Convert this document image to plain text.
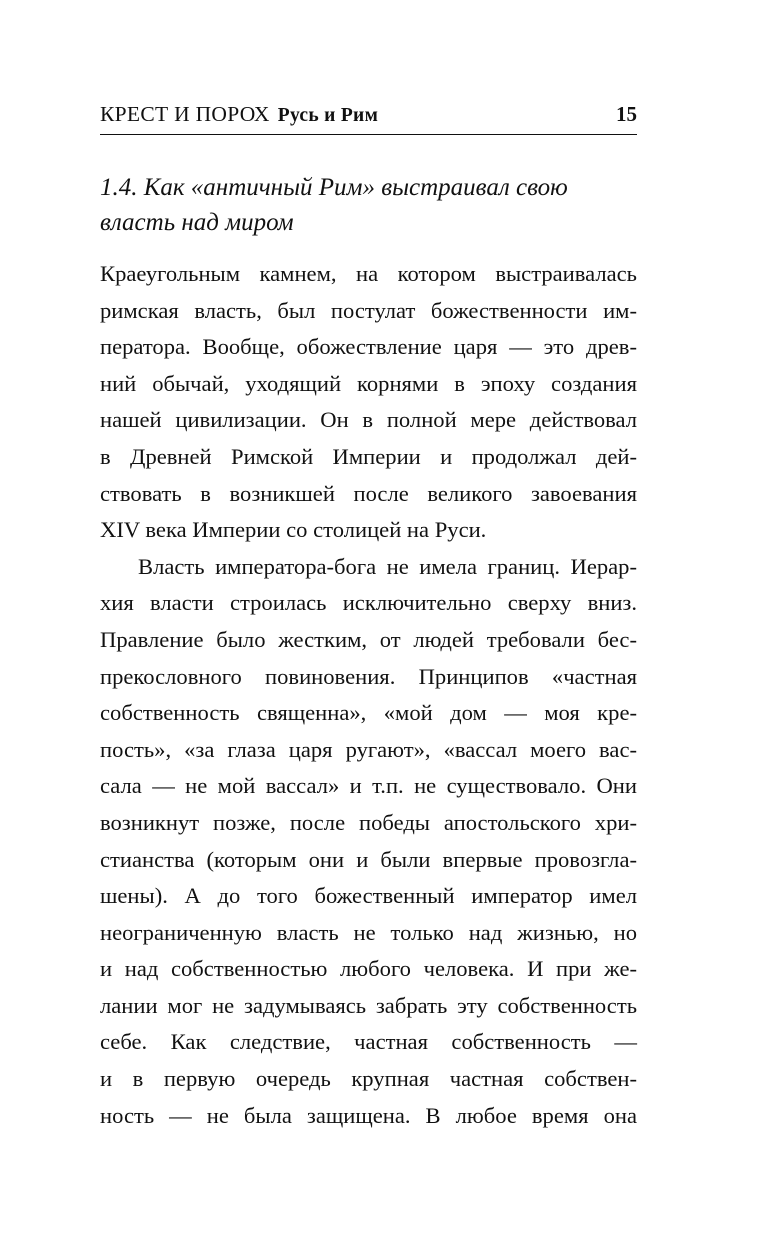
КРЕСТ И ПОРОХ Русь и Рим	15
1.4. Как «античный Рим» выстраивал свою
власть над миром
Краеугольным камнем, на котором выстраивалась
римская власть, был постулат божественности им-
ператора. Вообще, обожествление царя — это древ-
ний обычай, уходящий корнями в эпоху создания
нашей цивилизации. Он в полной мере действовал
в Древней Римской Империи и продолжал дей-
ствовать в возникшей после великого завоевания
XIV века Империи со столицей на Руси.
Власть императора-бога не имела границ. Иерар-
хия власти строилась исключительно сверху вниз.
Правление было жестким, от людей требовали бес-
прекословного повиновения. Принципов «частная
собственность священна», «мой дом — моя кре-
пость», «за глаза царя ругают», «вассал моего вас-
сала — не мой вассал» и т.п. не существовало. Они
возникнут позже, после победы апостольского хри-
стианства (которым они и были впервые провозгла-
шены). А до того божественный император имел
неограниченную власть не только над жизнью, но
и над собственностью любого человека. И при же-
лании мог не задумываясь забрать эту собственность
себе. Как следствие, частная собственность —
и в первую очередь крупная частная собствен-
ность — не была защищена. В любое время она
